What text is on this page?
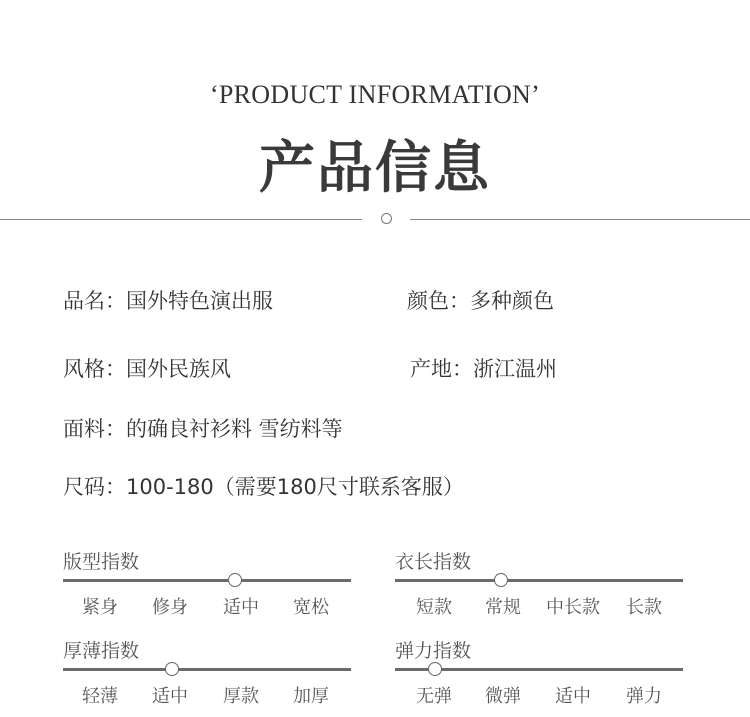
‘PRODUCT INFORMATION’
产品信息
品名：国外特色演出服	颜色：多种颜色
风格：国外民族风	产地：浙江温州
面料：的确良衬衫料 雪纺料等
尺码：100-180（需要180尺寸联系客服）
版型指数
紧身	修身	适中	宽松
衣长指数
短款	常规	中长款	长款
厚薄指数
轻薄	适中	厚款	加厚
弹力指数
无弹	微弹	适中	弹力
